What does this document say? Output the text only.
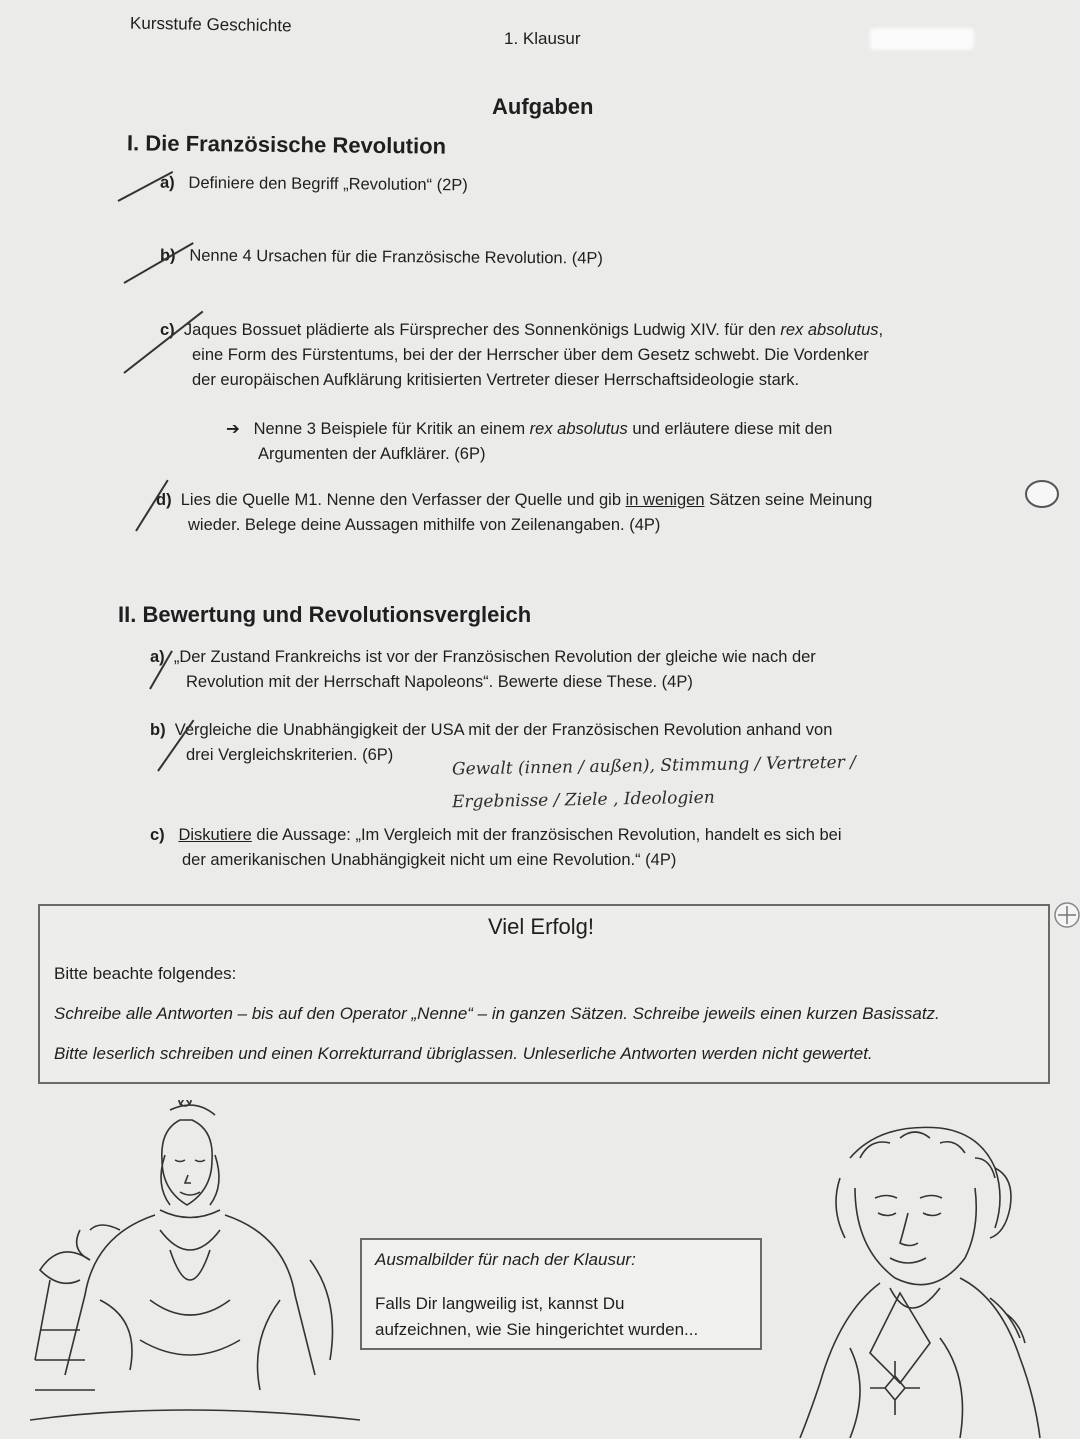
Kursstufe Geschichte
1. Klausur
Aufgaben
I. Die Französische Revolution
a) Definiere den Begriff „Revolution“ (2P)
b) Nenne 4 Ursachen für die Französische Revolution. (4P)
c) Jaques Bossuet plädierte als Fürsprecher des Sonnenkönigs Ludwig XIV. für den rex absolutus,
eine Form des Fürstentums, bei der der Herrscher über dem Gesetz schwebt. Die Vordenker
der europäischen Aufklärung kritisierten Vertreter dieser Herrschaftsideologie stark.
➔ Nenne 3 Beispiele für Kritik an einem rex absolutus und erläutere diese mit den
Argumenten der Aufklärer. (6P)
d) Lies die Quelle M1. Nenne den Verfasser der Quelle und gib in wenigen Sätzen seine Meinung
wieder. Belege deine Aussagen mithilfe von Zeilenangaben. (4P)
II. Bewertung und Revolutionsvergleich
a) „Der Zustand Frankreichs ist vor der Französischen Revolution der gleiche wie nach der
Revolution mit der Herrschaft Napoleons“. Bewerte diese These. (4P)
b) Vergleiche die Unabhängigkeit der USA mit der der Französischen Revolution anhand von
drei Vergleichskriterien. (6P)	Gewalt (innen / außen), Stimmung / Vertreter /
Ergebnisse / Ziele , Ideologien
c) Diskutiere die Aussage: „Im Vergleich mit der französischen Revolution, handelt es sich bei
der amerikanischen Unabhängigkeit nicht um eine Revolution.“ (4P)
Viel Erfolg!
Bitte beachte folgendes:
Schreibe alle Antworten – bis auf den Operator „Nenne“ – in ganzen Sätzen. Schreibe jeweils einen kurzen Basissatz.
Bitte leserlich schreiben und einen Korrekturrand übriglassen. Unleserliche Antworten werden nicht gewertet.
Ausmalbilder für nach der Klausur:
Falls Dir langweilig ist, kannst Du
aufzeichnen, wie Sie hingerichtet wurden...
